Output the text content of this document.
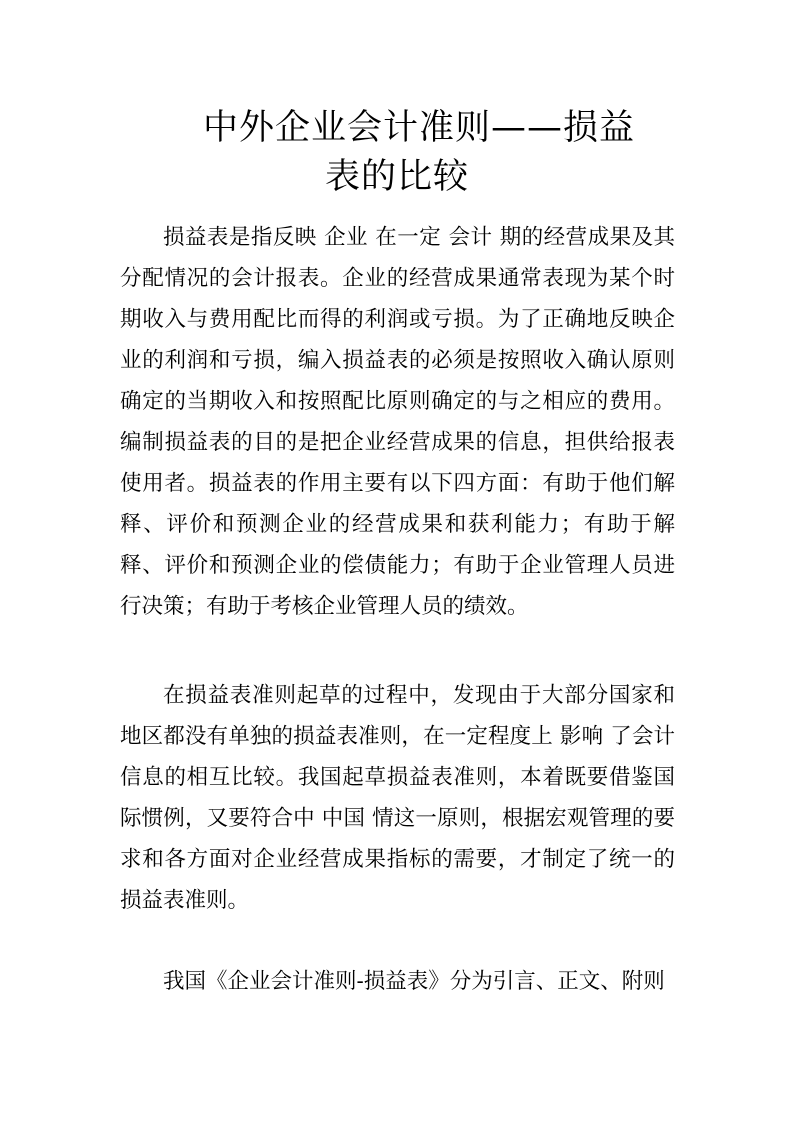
中外企业会计准则——损益
表的比较

损益表是指反映 企业 在一定 会计 期的经营成果及其分配情况的会计报表。企业的经营成果通常表现为某个时期收入与费用配比而得的利润或亏损。为了正确地反映企业的利润和亏损，编入损益表的必须是按照收入确认原则确定的当期收入和按照配比原则确定的与之相应的费用。编制损益表的目的是把企业经营成果的信息，担供给报表使用者。损益表的作用主要有以下四方面：有助于他们解释、评价和预测企业的经营成果和获利能力；有助于解释、评价和预测企业的偿债能力；有助于企业管理人员进行决策；有助于考核企业管理人员的绩效。

在损益表准则起草的过程中，发现由于大部分国家和地区都没有单独的损益表准则，在一定程度上 影响 了会计信息的相互比较。我国起草损益表准则，本着既要借鉴国际惯例，又要符合中 中国 情这一原则，根据宏观管理的要求和各方面对企业经营成果指标的需要，才制定了统一的损益表准则。

我国《企业会计准则-损益表》分为引言、正文、附则
